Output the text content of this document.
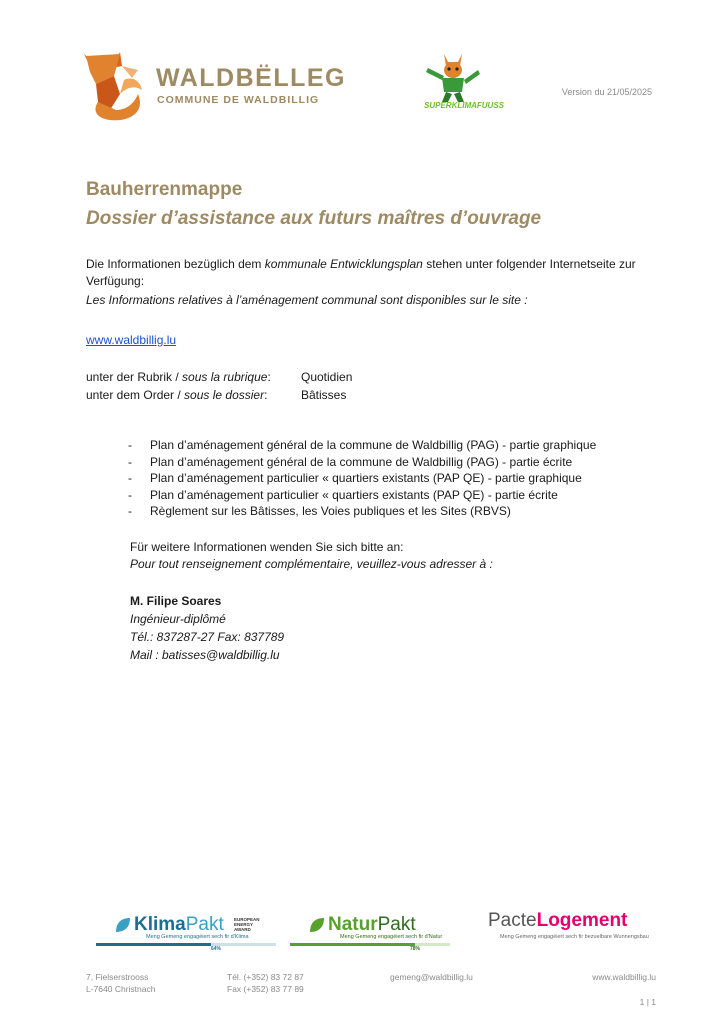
WALDBËLLEG
COMMUNE DE WALDBILLIG	SUPERKLIMAFUUSS
Version du 21/05/2025
Bauherrenmappe
Dossier d’assistance aux futurs maîtres d’ouvrage
Die Informationen bezüglich dem kommunale Entwicklungsplan stehen unter folgender Internetseite zur Verfügung:
Les Informations relatives à l’aménagement communal sont disponibles sur le site :
www.waldbillig.lu
unter der Rubrik / sous la rubrique:	Quotidien
unter dem Order / sous le dossier:	Bâtisses
- Plan d’aménagement général de la commune de Waldbillig (PAG) - partie graphique
- Plan d’aménagement général de la commune de Waldbillig (PAG) - partie écrite
- Plan d’aménagement particulier « quartiers existants (PAP QE) - partie graphique
- Plan d’aménagement particulier « quartiers existants (PAP QE) - partie écrite
- Règlement sur les Bâtisses, les Voies publiques et les Sites (RBVS)
Für weitere Informationen wenden Sie sich bitte an:
Pour tout renseignement complémentaire, veuillez-vous adresser à :
M. Filipe Soares
Ingénieur-diplômé
Tél.: 837287-27 Fax: 837789
Mail : batisses@waldbillig.lu
KlimaPakt EUROPEAN ENERGY AWARD
Meng Gemeng engagéiert sech fir d'Klima
64%
NaturPakt
Meng Gemeng engagéiert sech fir d'Natur
78%
PacteLogement
Meng Gemeng engagéiert sech fir bezuelbare Wunnengsbau
7, Fielserstrooss
L-7640 Christnach
Tél. (+352) 83 72 87
Fax (+352) 83 77 89
gemeng@waldbillig.lu	www.waldbillig.lu
1 | 1
